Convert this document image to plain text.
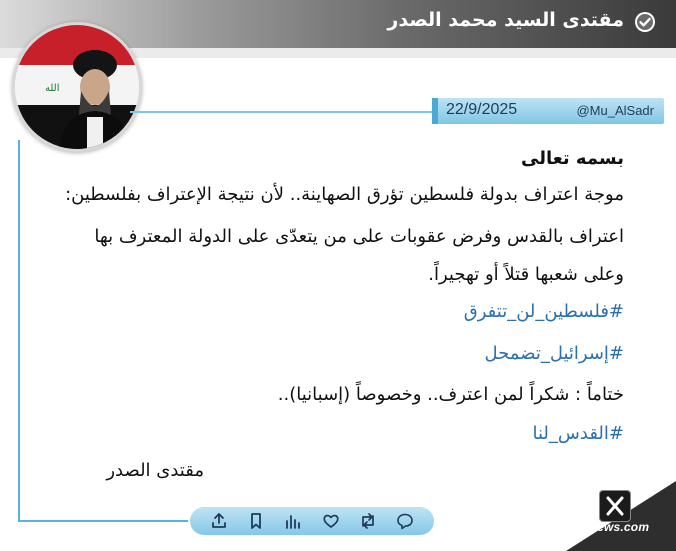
مقتدى السيد محمد الصدر
الله
22/9/2025	@Mu_AlSadr
بسمه تعالى
موجة اعتراف بدولة فلسطين تؤرق الصهاينة.. لأن نتيجة الإعتراف بفلسطين:
اعتراف بالقدس وفرض عقوبات على من يتعدّى على الدولة المعترف بها
وعلى شعبها قتلاً أو تهجيراً.
#فلسطين_لن_تتفرق
#إسرائيل_تضمحل
ختاماً : شكراً لمن اعترف.. وخصوصاً (إسبانيا)..
#القدس_لنا
مقتدى الصدر
www.palms-news.com
